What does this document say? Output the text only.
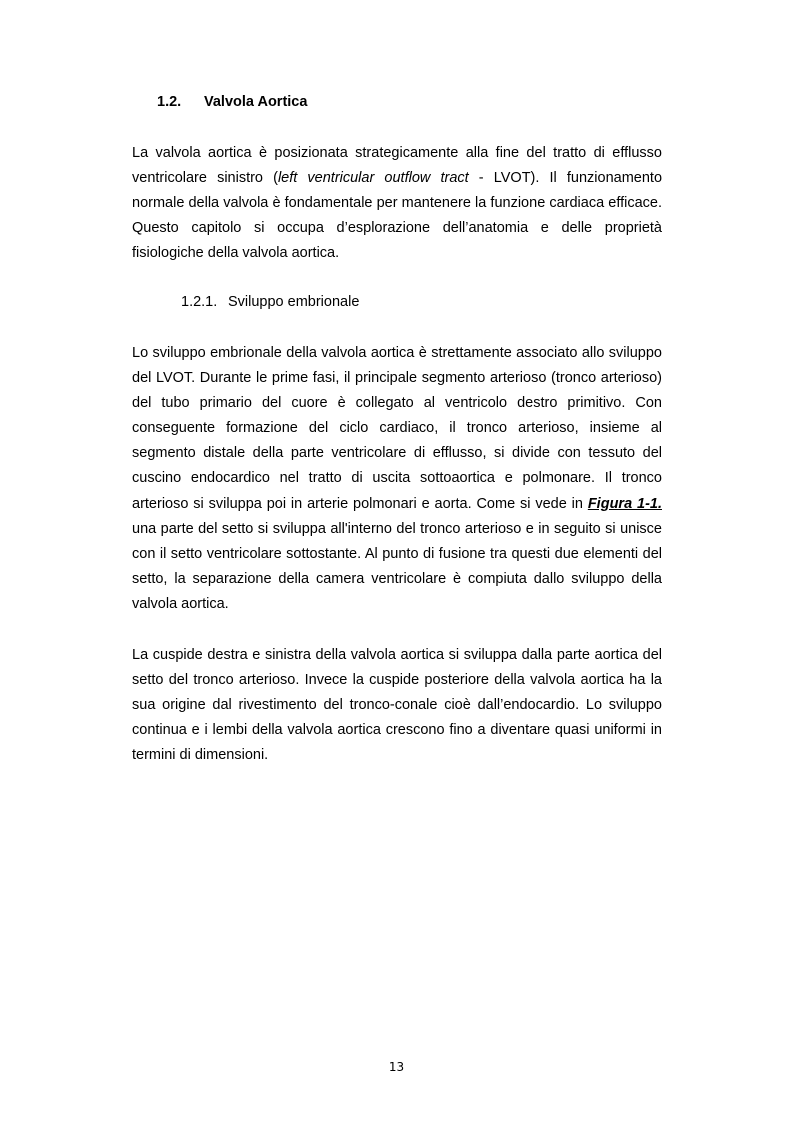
1.2. Valvola Aortica

La valvola aortica è posizionata strategicamente alla fine del tratto di efflusso ventricolare sinistro (left ventricular outflow tract - LVOT). Il funzionamento normale della valvola è fondamentale per mantenere la funzione cardiaca efficace. Questo capitolo si occupa d’esplorazione dell’anatomia e delle proprietà fisiologiche della valvola aortica.

1.2.1. Sviluppo embrionale

Lo sviluppo embrionale della valvola aortica è strettamente associato allo sviluppo del LVOT. Durante le prime fasi, il principale segmento arterioso (tronco arterioso) del tubo primario del cuore è collegato al ventricolo destro primitivo. Con conseguente formazione del ciclo cardiaco, il tronco arterioso, insieme al segmento distale della parte ventricolare di efflusso, si divide con tessuto del cuscino endocardico nel tratto di uscita sottoaortica e polmonare. Il tronco arterioso si sviluppa poi in arterie polmonari e aorta. Come si vede in Figura 1-1. una parte del setto si sviluppa all'interno del tronco arterioso e in seguito si unisce con il setto ventricolare sottostante. Al punto di fusione tra questi due elementi del setto, la separazione della camera ventricolare è compiuta dallo sviluppo della valvola aortica.

La cuspide destra e sinistra della valvola aortica si sviluppa dalla parte aortica del setto del tronco arterioso. Invece la cuspide posteriore della valvola aortica ha la sua origine dal rivestimento del tronco-conale cioè dall’endocardio. Lo sviluppo continua e i lembi della valvola aortica crescono fino a diventare quasi uniformi in termini di dimensioni.

13
